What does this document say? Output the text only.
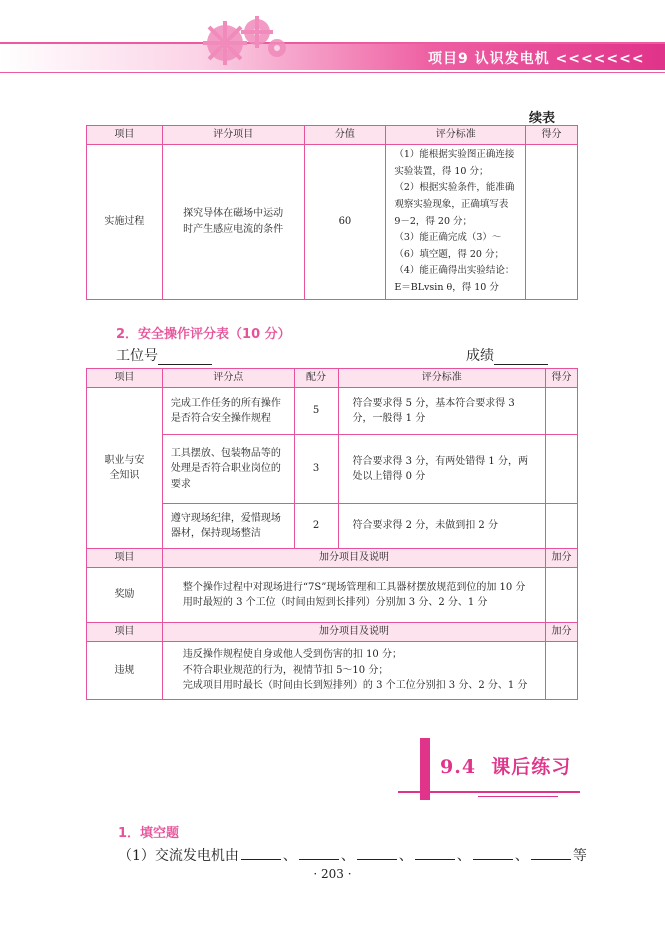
项目9 认识发电机 <<<<<<<
续表
项目	评分项目	分值	评分标准	得分
实施过程	探究导体在磁场中运动时产生感应电流的条件	60	（1）能根据实验图正确连接实验装置，得 10 分；
（2）根据实验条件，能准确观察实验现象，正确填写表 9－2，得 20 分；
（3）能正确完成（3）～（6）填空题，得 20 分；
（4）能正确得出实验结论：E＝BLvsin θ，得 10 分	

2．安全操作评分表（10 分）
工位号	成绩
项目	评分点	配分	评分标准	得分
职业与安全知识	完成工作任务的所有操作是否符合安全操作规程	5	符合要求得 5 分，基本符合要求得 3 分，一般得 1 分	
	工具摆放、包装物品等的处理是否符合职业岗位的要求	3	符合要求得 3 分，有两处错得 1 分，两处以上错得 0 分	
	遵守现场纪律，爱惜现场器材，保持现场整洁	2	符合要求得 2 分，未做到扣 2 分	
项目	加分项目及说明			加分
奖励	整个操作过程中对现场进行“7S”现场管理和工具器材摆放规范到位的加 10 分
用时最短的 3 个工位（时间由短到长排列）分别加 3 分、2 分、1 分			

项目	加分项目及说明			加分
违规	违反操作规程使自身或他人受到伤害的扣 10 分；
不符合职业规范的行为，视情节扣 5～10 分；
完成项目用时最长（时间由长到短排列）的 3 个工位分别扣 3 分、2 分、1 分			

9.4 课后练习
1．填空题
（1）交流发电机由	、	、	、	、	、	等
· 203 ·
